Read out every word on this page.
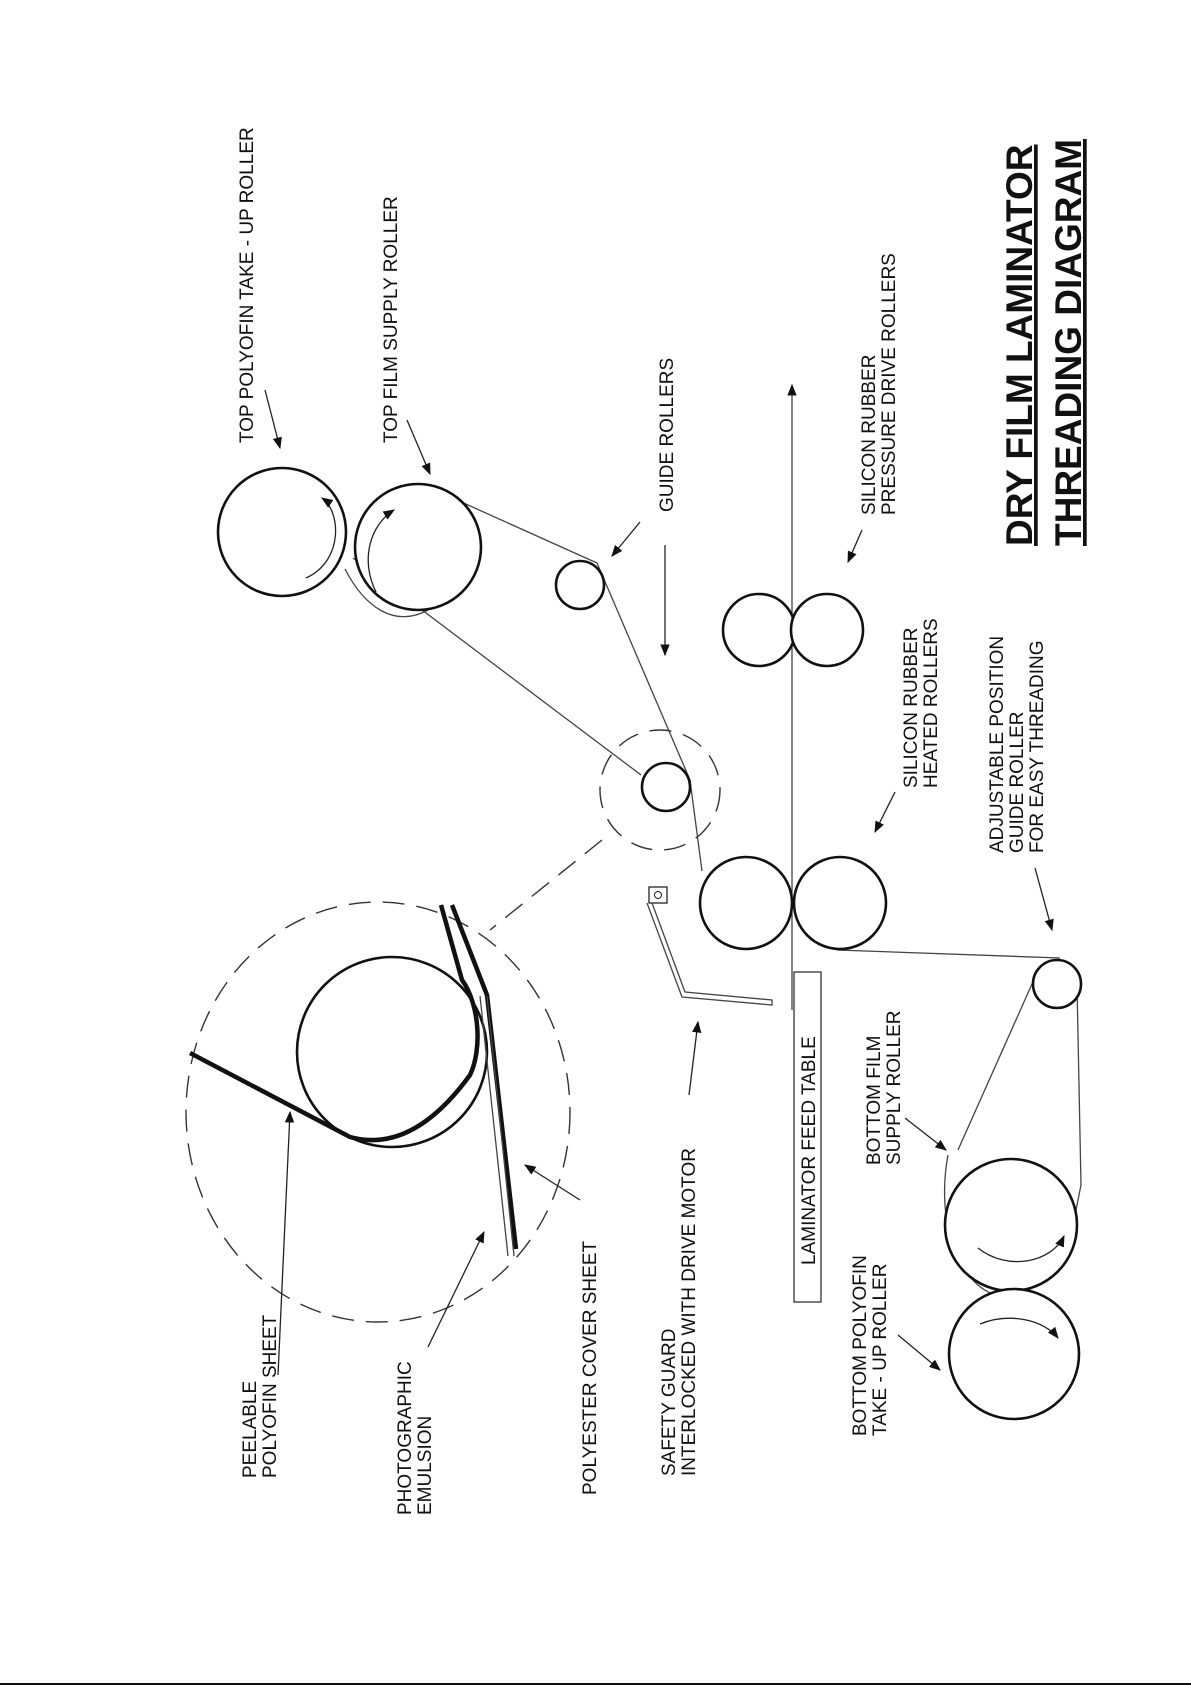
TOP POLYOFIN TAKE - UP ROLLER	TOP FILM SUPPLY ROLLER	GUIDE ROLLERS	SILICON RUBBER PRESSURE DRIVE ROLLERS
SILICON RUBBER HEATED ROLLERS ADJUSTABLE POSITION GUIDE ROLLER FOR EASY THREADING
PEELABLE POLYOFIN SHEET	PHOTOGRAPHIC EMULSION	POLYESTER COVER SHEET	SAFETY GUARD INTERLOCKED WITH DRIVE MOTOR	LAMINATOR FEED TABLE BOTTOM FILM SUPPLY ROLLER
BOTTOM POLYOFIN TAKE - UP ROLLER
DRY FILM LAMINATOR THREADING DIAGRAM
